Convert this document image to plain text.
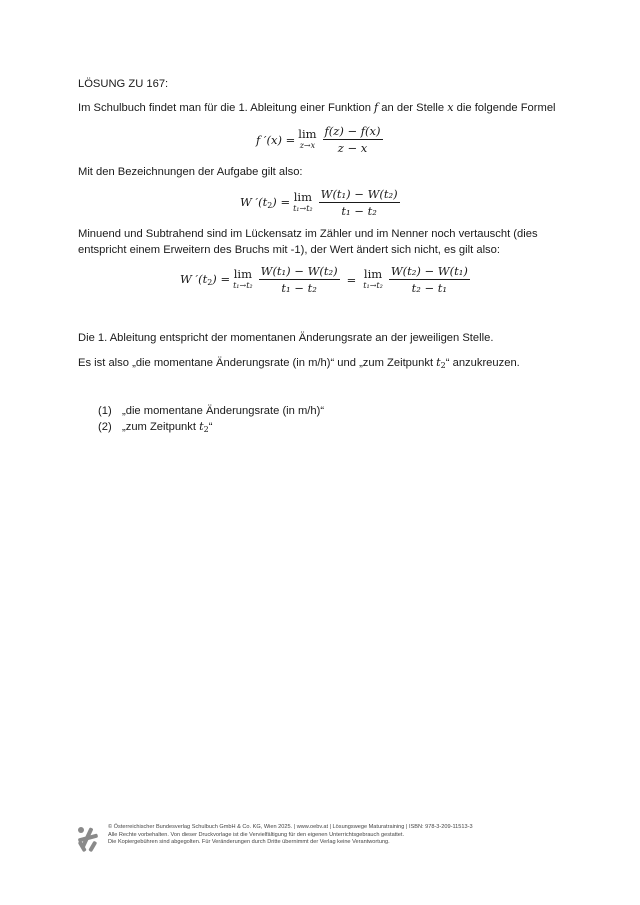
LÖSUNG ZU 167:
Im Schulbuch findet man für die 1. Ableitung einer Funktion f an der Stelle x die folgende Formel
f ′(x) = lim
$z\to x \frac{f(z) - f(x)}{z - x}$
Mit den Bezeichnungen der Aufgabe gilt also:
W ′(t2) = lim
$t_1\to t_2 \frac{\text{W(t₁) − W(t₂)}}{\text{t₁ − t₂}}$
Minuend und Subtrahend sind im Lückensatz im Zähler und im Nenner noch vertauscht (dies
entspricht einem Erweitern des Bruchs mit -1), der Wert ändert sich nicht, es gilt also:
W ′(t2) = lim
$t_1\to t_2 \frac{\text{W(t₁) − W(t₂)}}{\text{t₁ − t₂}} = \lim$
$t_1\to t_2 \frac{\text{W(t₂) − W(t₁)}}{\text{t₂ − t₁}}$
Die 1. Ableitung entspricht der momentanen Änderungsrate an der jeweiligen Stelle.
Es ist also „die momentane Änderungsrate (in m/h)“ und „zum Zeitpunkt t2“ anzukreuzen.
(1) „die momentane Änderungsrate (in m/h)“
(2) „zum Zeitpunkt
t2 “
© Österreichischer Bundesverlag Schulbuch GmbH & Co. KG, Wien 2025. | www.oebv.at | Lösungswege Maturatraining | ISBN: 978-3-209-11513-3
Alle Rechte vorbehalten. Von dieser Druckvorlage ist die Vervielfältigung für den eigenen Unterrichtsgebrauch gestattet.
Die Kopiergebühren sind abgegolten. Für Veränderungen durch Dritte übernimmt der Verlag keine Verantwortung.
